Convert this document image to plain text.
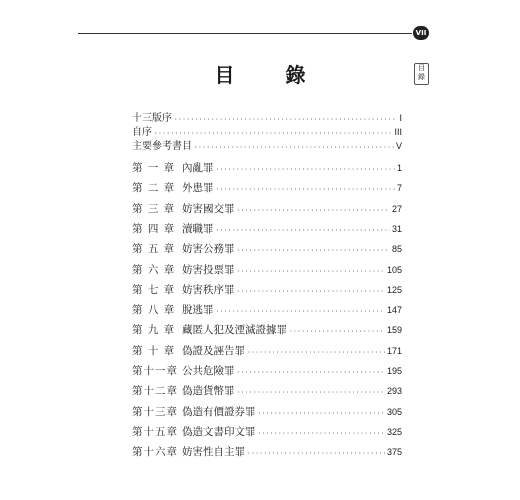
VII
目
錄
目 錄
十三版序 ·····	I
自序 ·····	III
主要參考書目 ·····	V
第 一 章 內亂罪 ·····	1
第 二 章 外患罪 ·····	7
第 三 章 妨害國交罪 ·····	27
第 四 章 瀆職罪 ·····	31
第 五 章 妨害公務罪 ·····	85
第 六 章 妨害投票罪 ·····	105
第 七 章 妨害秩序罪 ·····	125
第 八 章 脫逃罪 ·····	147
第 九 章 藏匿人犯及湮滅證據罪 ·····	159
第 十 章 偽證及誣告罪 ·····	171
第十一章 公共危險罪 ·····	195
第十二章 偽造貨幣罪 ·····	293
第十三章 偽造有價證券罪 ·····	305
第十五章 偽造文書印文罪 ·····	325
第十六章 妨害性自主罪 ·····	375
